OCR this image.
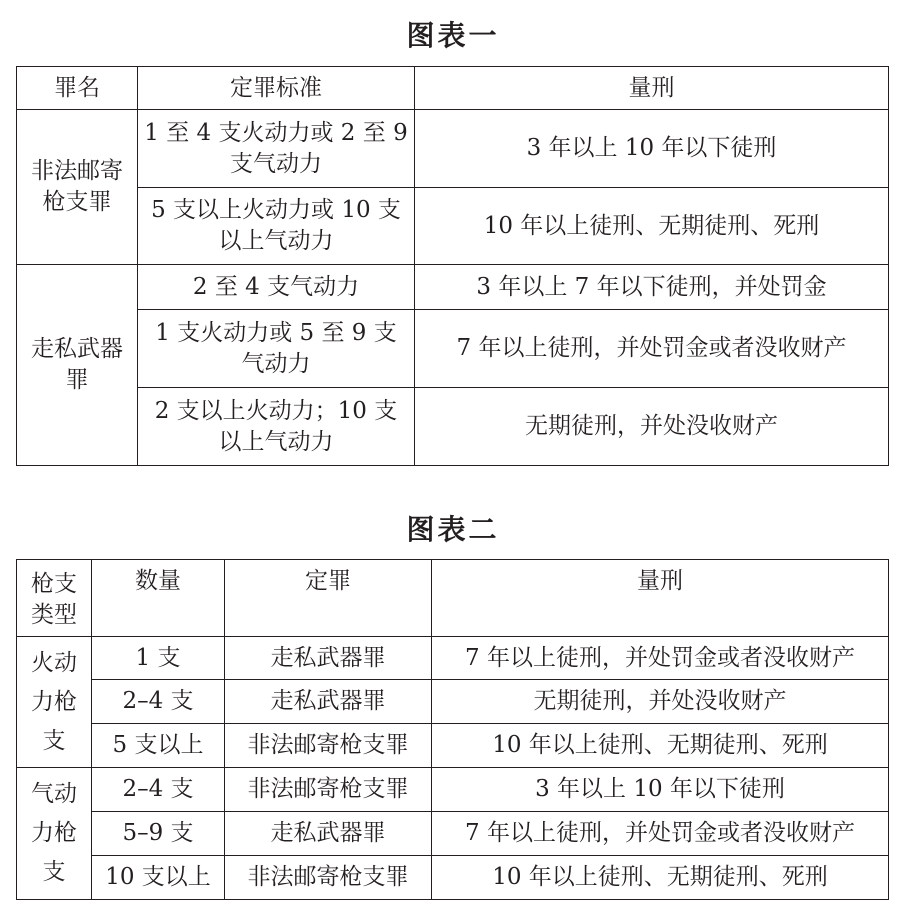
图表一
罪名	定罪标准	量刑
非法邮寄枪支罪	1 至 4 支火动力或 2 至 9 支气动力	3 年以上 10 年以下徒刑
	5 支以上火动力或 10 支以上气动力	10 年以上徒刑、无期徒刑、死刑
走私武器罪	2 至 4 支气动力	3 年以上 7 年以下徒刑，并处罚金
	1 支火动力或 5 至 9 支气动力	7 年以上徒刑，并处罚金或者没收财产
	2 支以上火动力；10 支以上气动力	无期徒刑，并处没收财产
图表二
枪支类型	数量	定罪	量刑
火动力枪支	1 支	走私武器罪	7 年以上徒刑，并处罚金或者没收财产
	2–4 支	走私武器罪	无期徒刑，并处没收财产
	5 支以上	非法邮寄枪支罪	10 年以上徒刑、无期徒刑、死刑
气动力枪支	2–4 支	非法邮寄枪支罪	3 年以上 10 年以下徒刑
	5–9 支	走私武器罪	7 年以上徒刑，并处罚金或者没收财产
	10 支以上	非法邮寄枪支罪	10 年以上徒刑、无期徒刑、死刑
